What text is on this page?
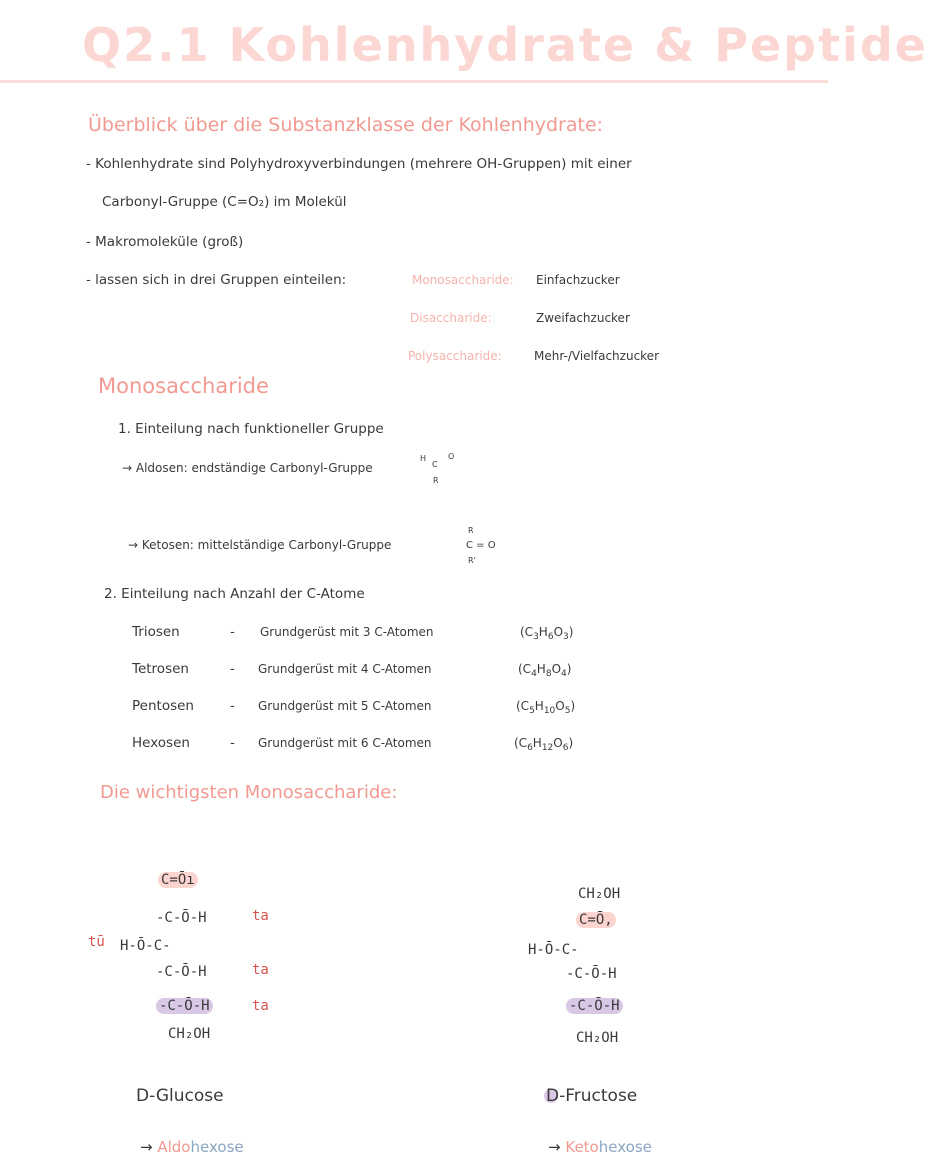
Q2.1 Kohlenhydrate & Peptide
Überblick über die Substanzklasse der Kohlenhydrate:
- Kohlenhydrate sind Polyhydroxyverbindungen (mehrere OH-Gruppen) mit einer
Carbonyl-Gruppe (C=O₂) im Molekül
- Makromoleküle (groß)
- lassen sich in drei Gruppen einteilen:	Monosaccharide: Einfachzucker
Disaccharide:	Zweifachzucker
Polysaccharide:	Mehr-/Vielfachzucker
Monosaccharide
1. Einteilung nach funktioneller Gruppe
→ Aldosen: endständige Carbonyl-Gruppe
H
C
R
O
→ Ketosen: mittelständige Carbonyl-Gruppe
R
C = O
R'
2. Einteilung nach Anzahl der C-Atome
Triosen	- Grundgerüst mit 3 C-Atomen	$(C_3H_6O_3)$
Tetrosen	- Grundgerüst mit 4 C-Atomen	$(C_4H_8O_4)$
Pentosen	- Grundgerüst mit 5 C-Atomen	$(C_5H_{10}O_5)$
Hexosen	- Grundgerüst mit 6 C-Atomen	$(C_6H_{12}O_6)$
Die wichtigsten Monosaccharide:
C=Ōı
-C-Ō-H	ta
tū H-Ō-C-
-C-Ō-H	ta
-C-Ō-H	ta
CH₂OH
D-Glucose
→ Aldohexose
CH₂OH
C=Ō,
H-Ō-C-
-C-Ō-H
-C-Ō-H
CH₂OH
D-Fructose
→ Ketohexose
